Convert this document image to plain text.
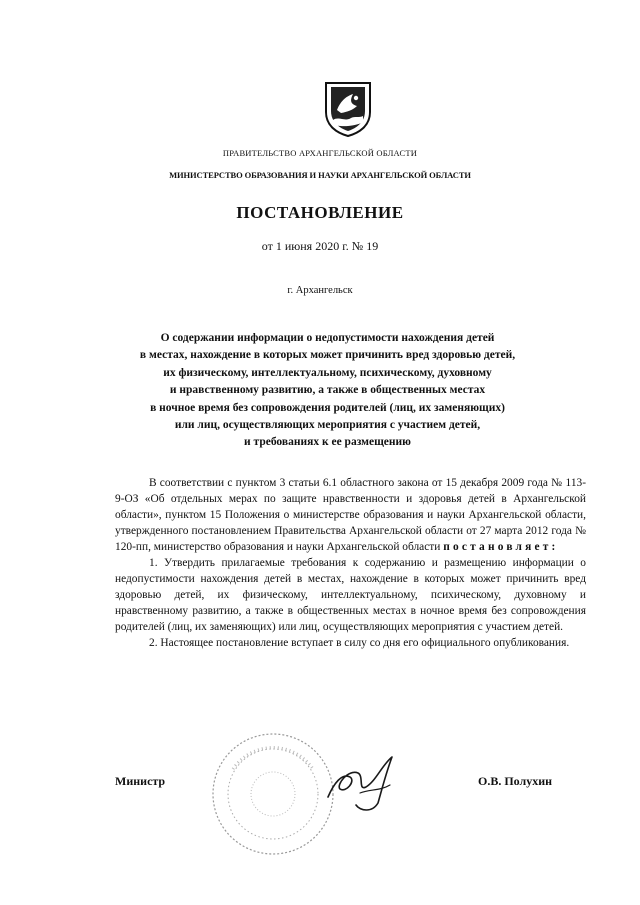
ПРАВИТЕЛЬСТВО АРХАНГЕЛЬСКОЙ ОБЛАСТИ
МИНИСТЕРСТВО ОБРАЗОВАНИЯ И НАУКИ АРХАНГЕЛЬСКОЙ ОБЛАСТИ
ПОСТАНОВЛЕНИЕ
от 1 июня 2020 г. № 19
г. Архангельск
О содержании информации о недопустимости нахождения детей
в местах, нахождение в которых может причинить вред здоровью детей,
их физическому, интеллектуальному, психическому, духовному
и нравственному развитию, а также в общественных местах
в ночное время без сопровождения родителей (лиц, их заменяющих)
или лиц, осуществляющих мероприятия с участием детей,
и требованиях к ее размещению

В соответствии с пунктом 3 статьи 6.1 областного закона от 15 декабря 2009 года № 113-9-ОЗ «Об отдельных мерах по защите нравственности и здоровья детей в Архангельской области», пунктом 15 Положения о министерстве образования и науки Архангельской области, утвержденного постановлением Правительства Архангельской области от 27 марта 2012 года № 120-пп, министерство образования и науки Архангельской области постановляет:

1. Утвердить прилагаемые требования к содержанию и размещению информации о недопустимости нахождения детей в местах, нахождение в которых может причинить вред здоровью детей, их физическому, интеллектуальному, психическому, духовному и нравственному развитию, а также в общественных местах в ночное время без сопровождения родителей (лиц, их заменяющих) или лиц, осуществляющих мероприятия с участием детей.

2. Настоящее постановление вступает в силу со дня его официального опубликования.

Министр	О.В. Полухин
